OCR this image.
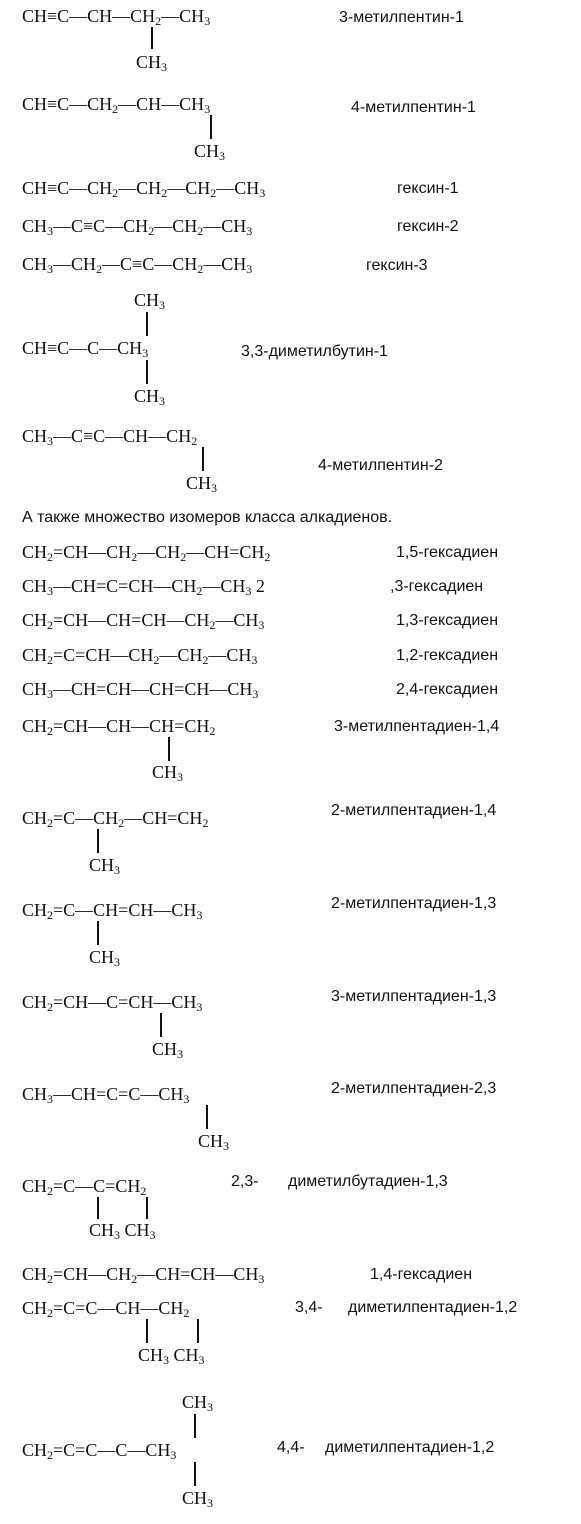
$CH\equiv C—CH—CH_2—CH_3$
$CH_3$
3-метилпентин-1
$CH\equiv C—CH_2—CH—CH_3$
$CH_3$
4-метилпентин-1
$CH\equiv C—CH_2—CH_2—CH_2—CH_3$	гексин-1
$CH_3—C\equiv C—CH_2—CH_2—CH_3$	гексин-2
$CH_3—CH_2—C\equiv C—CH_2—CH_3$	гексин-3
$CH_3$
$CH\equiv C—C—CH_3$
$CH_3$
3,3-диметилбутин-1
$CH_3—C\equiv C—CH—CH_2$
$CH_3$
4-метилпентин-2
А также множество изомеров класса алкадиенов.
$CH_2=CH—CH_2—CH_2—CH=CH_2$	1,5-гексадиен
$CH_3—CH=C=CH—CH_2—CH_3$ 2	,3-гексадиен
$CH_2=CH—CH=CH—CH_2—CH_3$	1,3-гексадиен
$CH_2=C=CH—CH_2—CH_2—CH_3$	1,2-гексадиен
$CH_3—CH=CH—CH=CH—CH_3$	2,4-гексадиен
$CH_2=CH—CH—CH=CH_2$
$CH_3$
3-метилпентадиен-1,4
$CH_2=C—CH_2—CH=CH_2$
$CH_3$
2-метилпентадиен-1,4
$CH_2=C—CH=CH—CH_3$
$CH_3$
2-метилпентадиен-1,3
$CH_2=CH—C=CH—CH_3$
$CH_3$
3-метилпентадиен-1,3
$CH_3—CH=C=C—CH_3$
$CH_3$
2-метилпентадиен-2,3
$CH_2=C—C=CH_2$
$CH_3$ $CH_3$
2,3- диметилбутадиен-1,3
$CH_2=CH—CH_2—CH=CH—CH_3$	1,4-гексадиен
$CH_2=C=C—CH—CH_2$
$CH_3$ $CH_3$
3,4- диметилпентадиен-1,2
$CH_3$
$CH_2=C=C—C—CH_3$
$CH_3$
4,4- диметилпентадиен-1,2
